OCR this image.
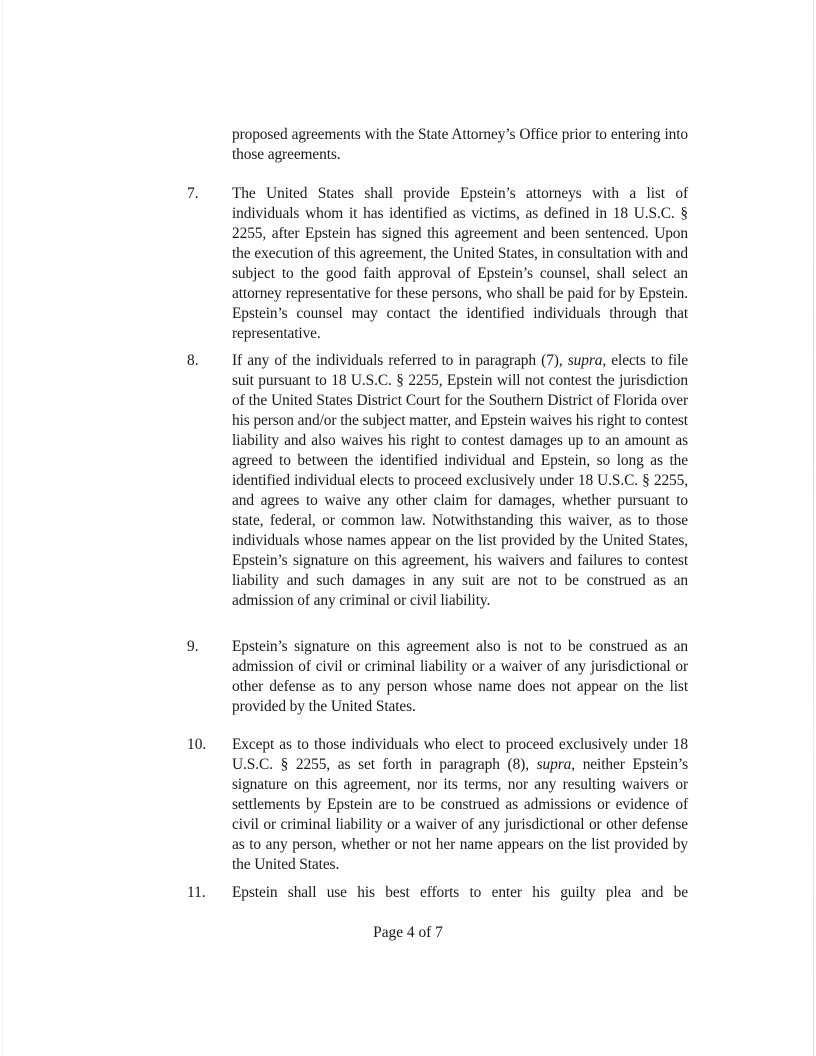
proposed agreements with the State Attorney’s Office prior to entering into those agreements.
7. The United States shall provide Epstein’s attorneys with a list of individuals whom it has identified as victims, as defined in 18 U.S.C. § 2255, after Epstein has signed this agreement and been sentenced. Upon the execution of this agreement, the United States, in consultation with and subject to the good faith approval of Epstein’s counsel, shall select an attorney representative for these persons, who shall be paid for by Epstein. Epstein’s counsel may contact the identified individuals through that representative.
8. If any of the individuals referred to in paragraph (7), supra, elects to file suit pursuant to 18 U.S.C. § 2255, Epstein will not contest the jurisdiction of the United States District Court for the Southern District of Florida over his person and/or the subject matter, and Epstein waives his right to contest liability and also waives his right to contest damages up to an amount as agreed to between the identified individual and Epstein, so long as the identified individual elects to proceed exclusively under 18 U.S.C. § 2255, and agrees to waive any other claim for damages, whether pursuant to state, federal, or common law. Notwithstanding this waiver, as to those individuals whose names appear on the list provided by the United States, Epstein’s signature on this agreement, his waivers and failures to contest liability and such damages in any suit are not to be construed as an admission of any criminal or civil liability.
9. Epstein’s signature on this agreement also is not to be construed as an admission of civil or criminal liability or a waiver of any jurisdictional or other defense as to any person whose name does not appear on the list provided by the United States.
10. Except as to those individuals who elect to proceed exclusively under 18 U.S.C. § 2255, as set forth in paragraph (8), supra, neither Epstein’s signature on this agreement, nor its terms, nor any resulting waivers or settlements by Epstein are to be construed as admissions or evidence of civil or criminal liability or a waiver of any jurisdictional or other defense as to any person, whether or not her name appears on the list provided by the United States.
11. Epstein shall use his best efforts to enter his guilty plea and be
Page 4 of 7
